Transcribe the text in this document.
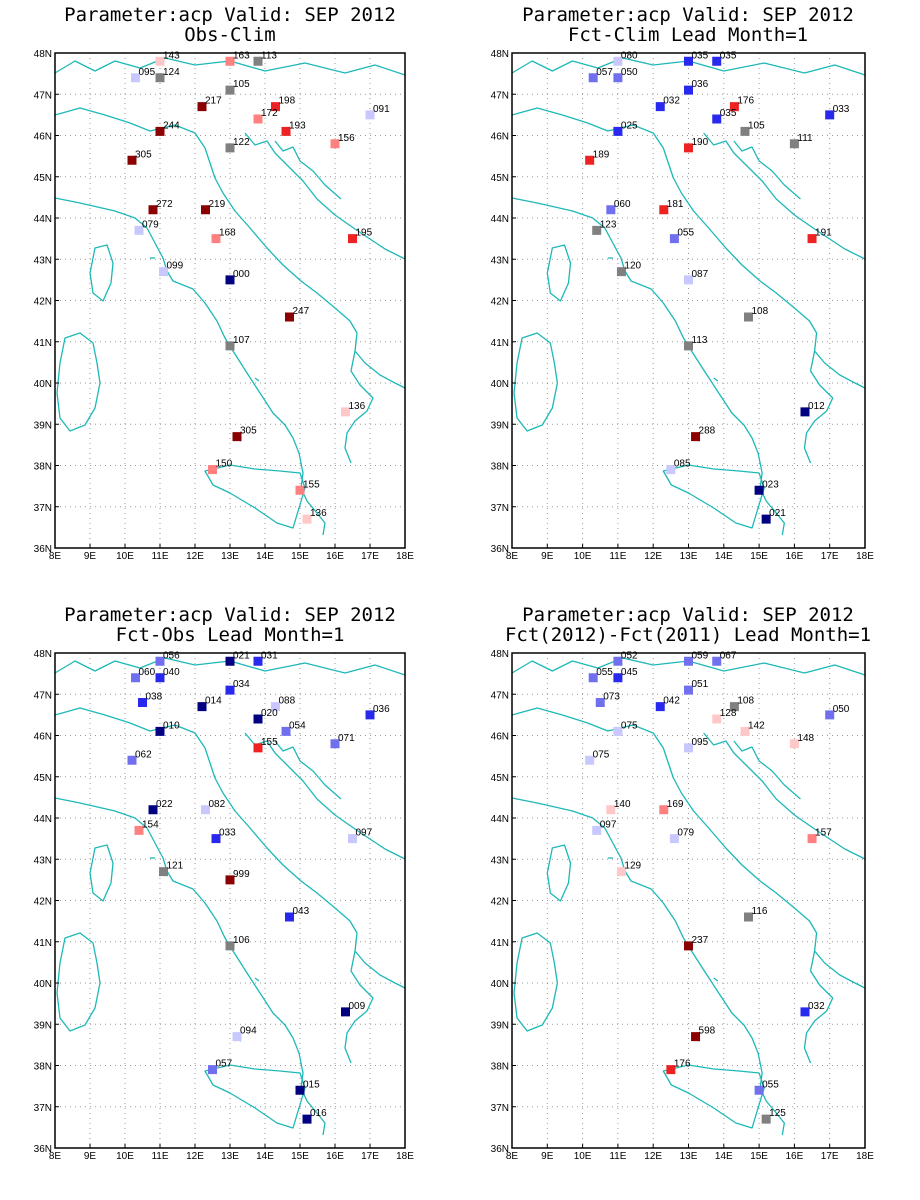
Parameter:acp Valid: SEP 2012
Obs-Clim
8E 9E 10E 11E 12E 13E 14E 15E 16E 17E 18E
36N
37N
38N
39N
40N
41N
42N
43N
44N
45N
46N
47N
48N	143	163 113
095 124
105
217	198
172	091
244	193
156
122
305
272	219
079
168	195
099
000
247
107
136
305
150
155
136
Parameter:acp Valid: SEP 2012
Fct-Clim Lead Month=1
8E 9E 10E 11E 12E 13E 14E 15E 16E 17E 18E
36N
37N
38N
39N
40N
41N
42N
43N
44N
45N
46N
47N
48N	080	035 035
057 050
036
032	176
035	033
025	105
111
190
189
060	181
123
055	191
120
087
108
113
012
288
085
023
021
Parameter:acp Valid: SEP 2012
Fct-Obs Lead Month=1
8E 9E 10E 11E 12E 13E 14E 15E 16E 17E 18E
36N
37N
38N
39N
40N
41N
42N
43N
44N
45N
46N
47N
48N	056	021 031
060 040
034
038	014	088
020	036
010	054
071
155
062
022	082
154
033	097
121
999
043
106
009
094
057
015
016
Parameter:acp Valid: SEP 2012
Fct(2012)-Fct(2011) Lead Month=1
8E 9E 10E 11E 12E 13E 14E 15E 16E 17E 18E
36N
37N
38N
39N
40N
41N
42N
43N
44N
45N
46N
47N
48N	052	059 067
055 045
051
073	042	108
128	050
075	142
148
095
075
140	169
097
079	157
129
116
237
032
598
176
055
125
